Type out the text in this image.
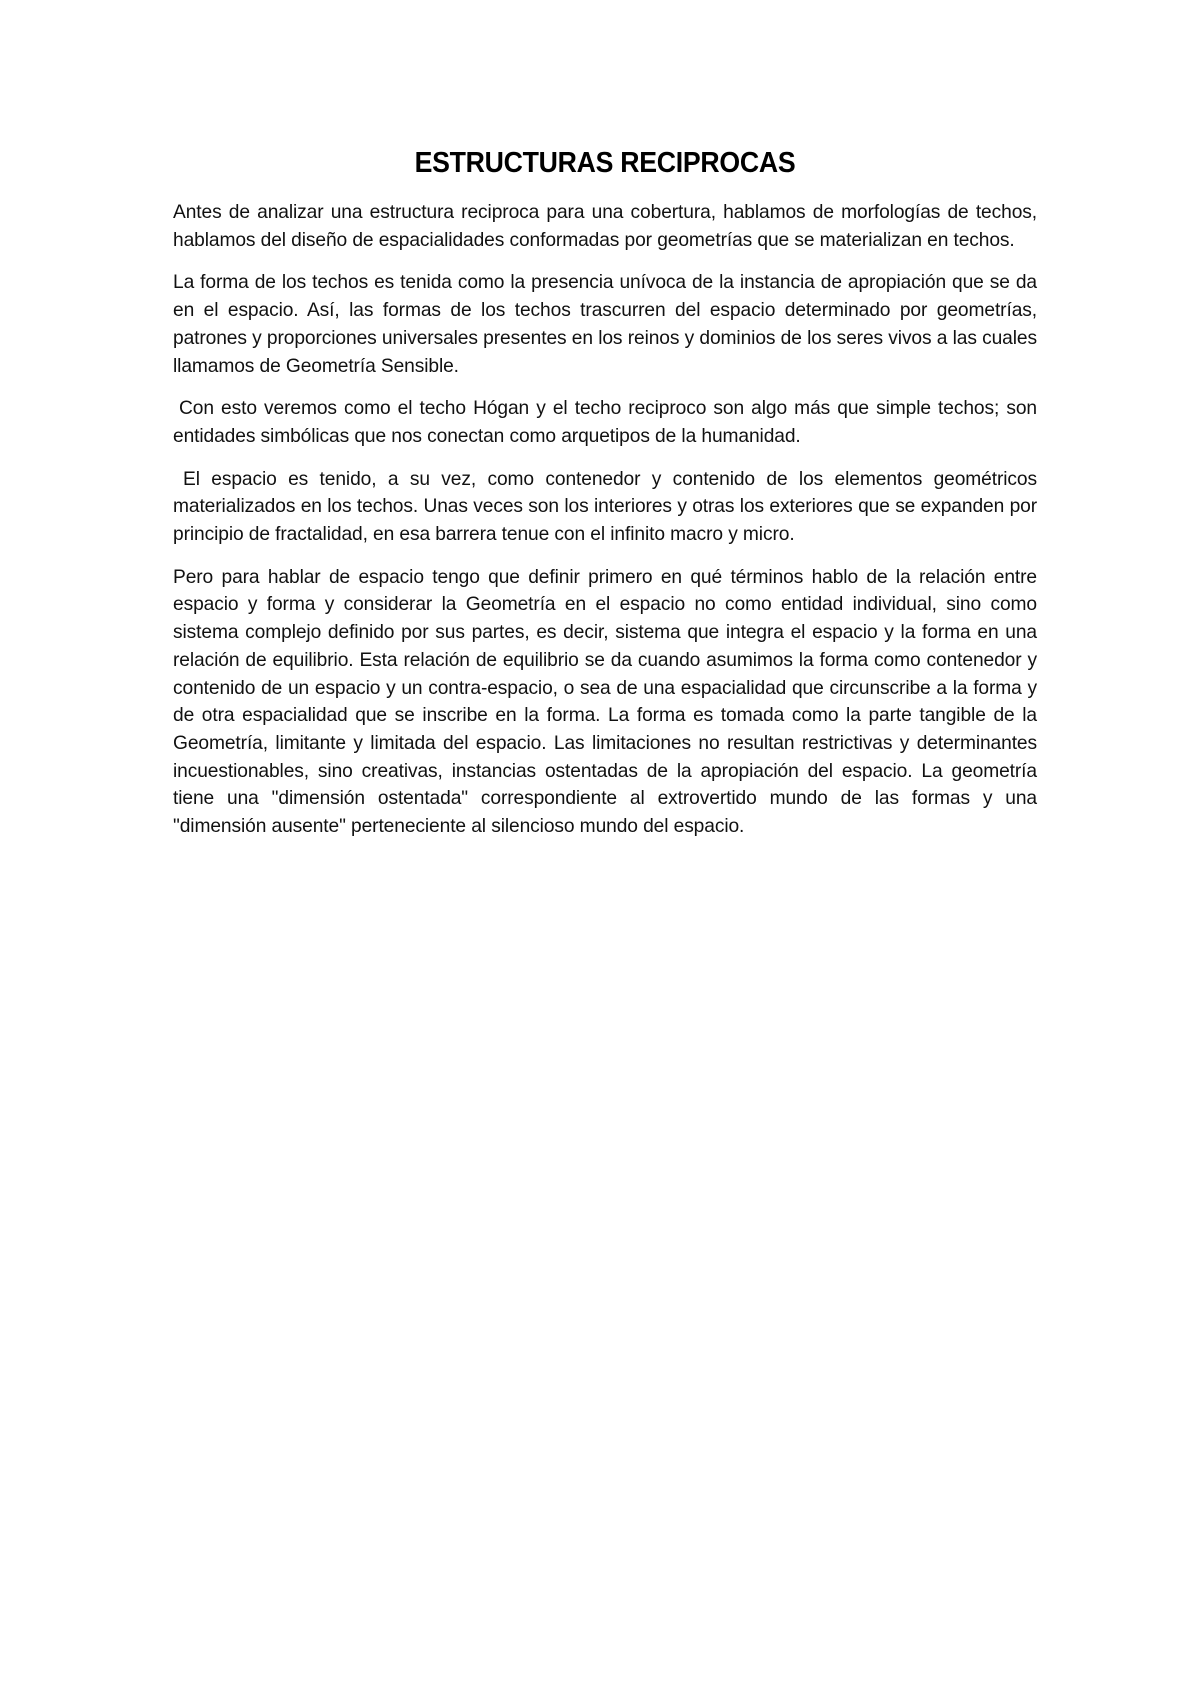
ESTRUCTURAS RECIPROCAS

Antes de analizar una estructura reciproca para una cobertura, hablamos de morfologías de techos, hablamos del diseño de espacialidades conformadas por geometrías que se materializan en techos.

La forma de los techos es tenida como la presencia unívoca de la instancia de apropiación que se da en el espacio. Así, las formas de los techos trascurren del espacio determinado por geometrías, patrones y proporciones universales presentes en los reinos y dominios de los seres vivos a las cuales llamamos de Geometría Sensible.

Con esto veremos como el techo Hógan y el techo reciproco son algo más que simple techos; son entidades simbólicas que nos conectan como arquetipos de la humanidad.

El espacio es tenido, a su vez, como contenedor y contenido de los elementos geométricos materializados en los techos. Unas veces son los interiores y otras los exteriores que se expanden por principio de fractalidad, en esa barrera tenue con el infinito macro y micro.

Pero para hablar de espacio tengo que definir primero en qué términos hablo de la relación entre espacio y forma y considerar la Geometría en el espacio no como entidad individual, sino como sistema complejo definido por sus partes, es decir, sistema que integra el espacio y la forma en una relación de equilibrio. Esta relación de equilibrio se da cuando asumimos la forma como contenedor y contenido de un espacio y un contra-espacio, o sea de una espacialidad que circunscribe a la forma y de otra espacialidad que se inscribe en la forma. La forma es tomada como la parte tangible de la Geometría, limitante y limitada del espacio. Las limitaciones no resultan restrictivas y determinantes incuestionables, sino creativas, instancias ostentadas de la apropiación del espacio. La geometría tiene una "dimensión ostentada" correspondiente al extrovertido mundo de las formas y una "dimensión ausente" perteneciente al silencioso mundo del espacio.
